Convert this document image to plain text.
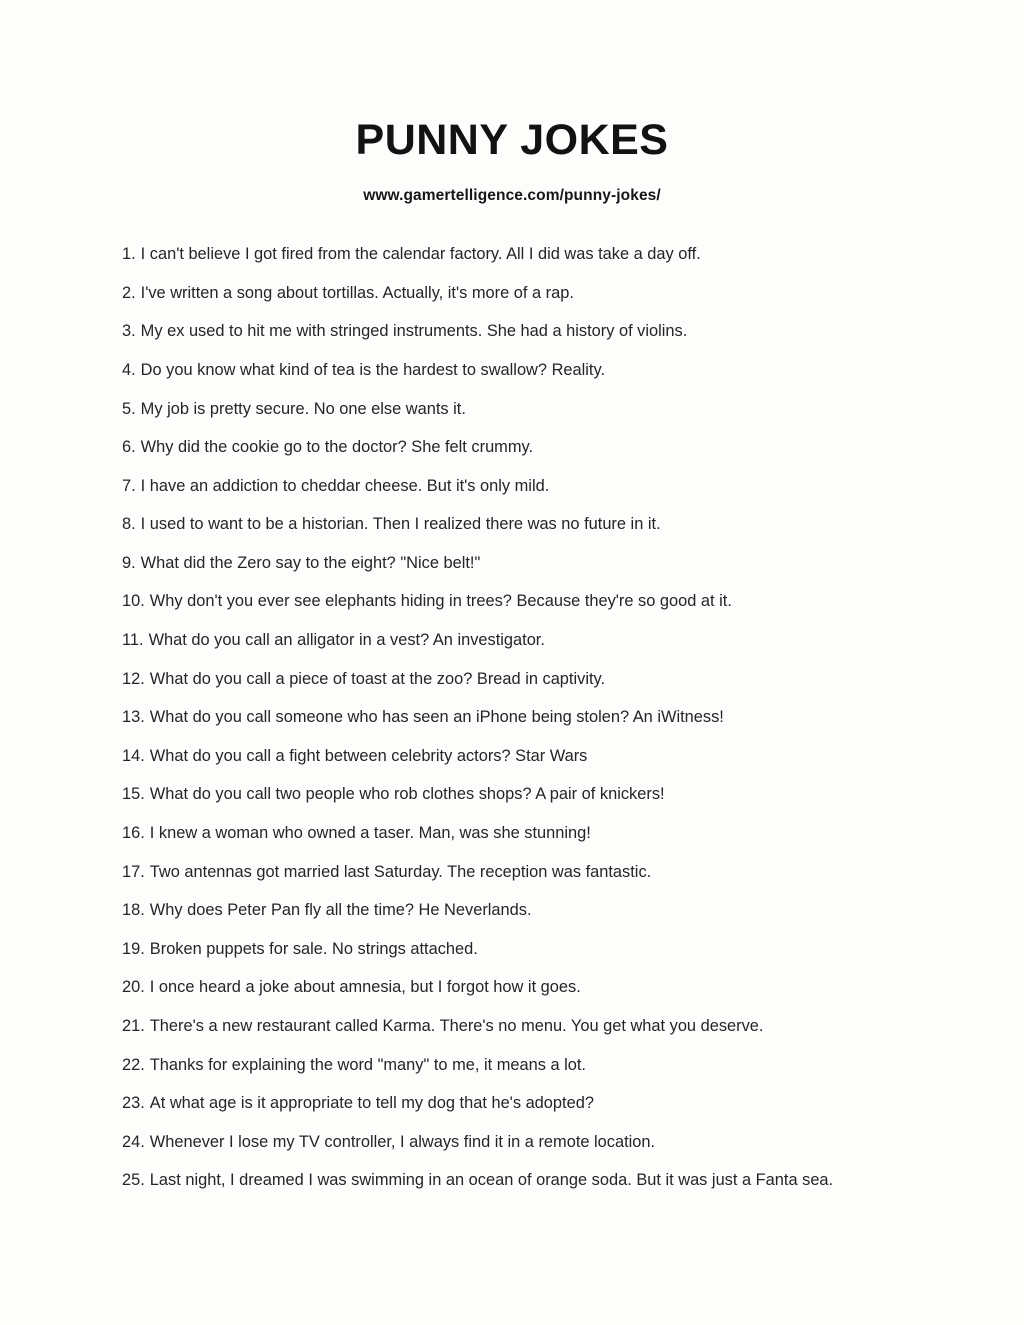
PUNNY JOKES

www.gamertelligence.com/punny-jokes/

1. I can't believe I got fired from the calendar factory. All I did was take a day off.
2. I've written a song about tortillas. Actually, it's more of a rap.
3. My ex used to hit me with stringed instruments. She had a history of violins.
4. Do you know what kind of tea is the hardest to swallow? Reality.
5. My job is pretty secure. No one else wants it.
6. Why did the cookie go to the doctor? She felt crummy.
7. I have an addiction to cheddar cheese. But it's only mild.
8. I used to want to be a historian. Then I realized there was no future in it.
9. What did the Zero say to the eight? "Nice belt!"
10. Why don't you ever see elephants hiding in trees? Because they're so good at it.
11. What do you call an alligator in a vest? An investigator.
12. What do you call a piece of toast at the zoo? Bread in captivity.
13. What do you call someone who has seen an iPhone being stolen? An iWitness!
14. What do you call a fight between celebrity actors? Star Wars
15. What do you call two people who rob clothes shops? A pair of knickers!
16. I knew a woman who owned a taser. Man, was she stunning!
17. Two antennas got married last Saturday. The reception was fantastic.
18. Why does Peter Pan fly all the time? He Neverlands.
19. Broken puppets for sale. No strings attached.
20. I once heard a joke about amnesia, but I forgot how it goes.
21. There's a new restaurant called Karma. There's no menu. You get what you deserve.
22. Thanks for explaining the word "many" to me, it means a lot.
23. At what age is it appropriate to tell my dog that he's adopted?
24. Whenever I lose my TV controller, I always find it in a remote location.
25. Last night, I dreamed I was swimming in an ocean of orange soda. But it was just a Fanta sea.
